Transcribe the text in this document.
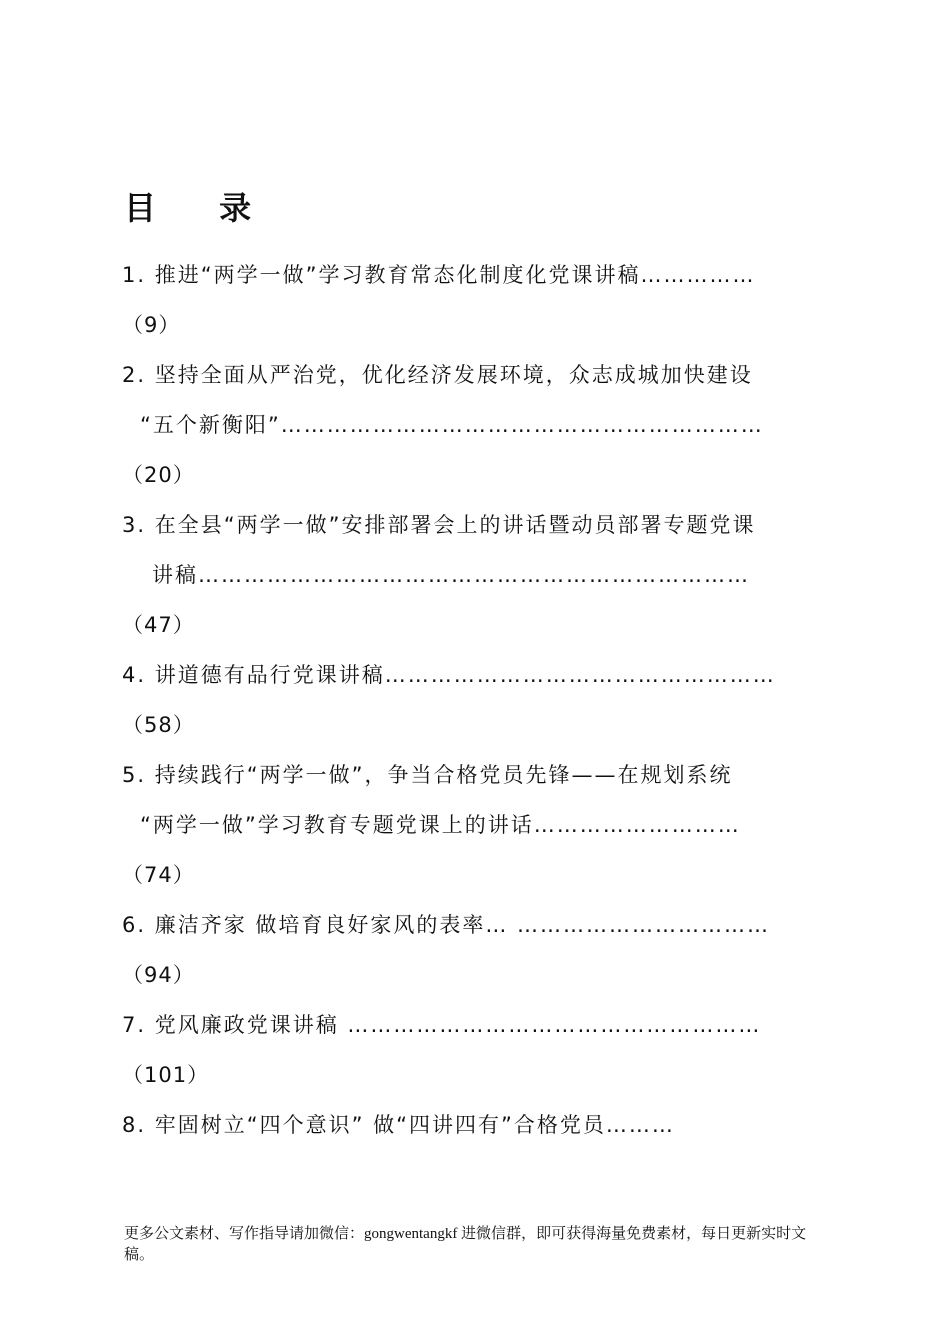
目 录
1. 推进“两学一做”学习教育常态化制度化党课讲稿……………
（9）
2. 坚持全面从严治党，优化经济发展环境，众志成城加快建设
“五个新衡阳”………………………………………………………
（20）
3. 在全县“两学一做”安排部署会上的讲话暨动员部署专题党课
讲稿………………………………………………………………
（47）
4. 讲道德有品行党课讲稿……………………………………………
（58）
5. 持续践行“两学一做”，争当合格党员先锋——在规划系统
“两学一做”学习教育专题党课上的讲话………………………
（74）
6. 廉洁齐家 做培育良好家风的表率… ……………………………
（94）
7. 党风廉政党课讲稿 ………………………………………………
（101）
8. 牢固树立“四个意识” 做“四讲四有”合格党员………
更多公文素材、写作指导请加微信：gongwentangkf 进微信群，即可获得海量免费素材，每日更新实时文稿。
